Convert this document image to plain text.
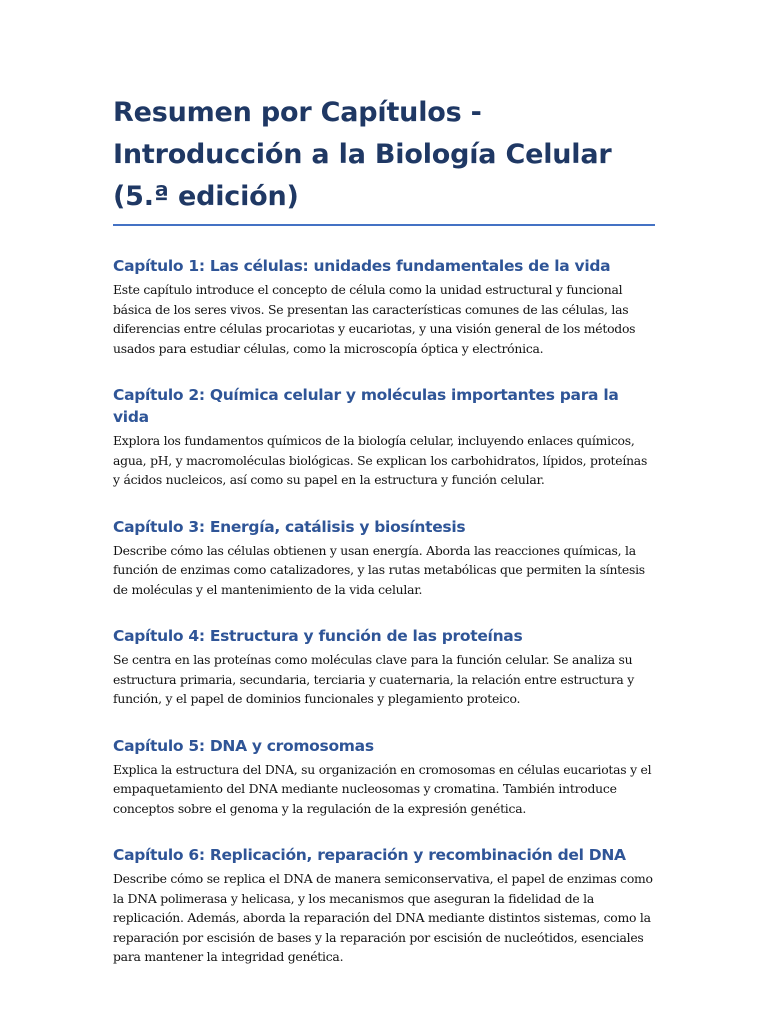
Resumen por Capítulos - Introducción a la Biología Celular (5.ª edición)
Capítulo 1: Las células: unidades fundamentales de la vida

Este capítulo introduce el concepto de célula como la unidad estructural y funcional básica de los seres vivos. Se presentan las características comunes de las células, las diferencias entre células procariotas y eucariotas, y una visión general de los métodos usados para estudiar células, como la microscopía óptica y electrónica.

Capítulo 2: Química celular y moléculas importantes para la vida

Explora los fundamentos químicos de la biología celular, incluyendo enlaces químicos, agua, pH, y macromoléculas biológicas. Se explican los carbohidratos, lípidos, proteínas y ácidos nucleicos, así como su papel en la estructura y función celular.

Capítulo 3: Energía, catálisis y biosíntesis

Describe cómo las células obtienen y usan energía. Aborda las reacciones químicas, la función de enzimas como catalizadores, y las rutas metabólicas que permiten la síntesis de moléculas y el mantenimiento de la vida celular.

Capítulo 4: Estructura y función de las proteínas

Se centra en las proteínas como moléculas clave para la función celular. Se analiza su estructura primaria, secundaria, terciaria y cuaternaria, la relación entre estructura y función, y el papel de dominios funcionales y plegamiento proteico.

Capítulo 5: DNA y cromosomas

Explica la estructura del DNA, su organización en cromosomas en células eucariotas y el empaquetamiento del DNA mediante nucleosomas y cromatina. También introduce conceptos sobre el genoma y la regulación de la expresión genética.

Capítulo 6: Replicación, reparación y recombinación del DNA

Describe cómo se replica el DNA de manera semiconservativa, el papel de enzimas como la DNA polimerasa y helicasa, y los mecanismos que aseguran la fidelidad de la replicación. Además, aborda la reparación del DNA mediante distintos sistemas, como la reparación por escisión de bases y la reparación por escisión de nucleótidos, esenciales para mantener la integridad genética.
